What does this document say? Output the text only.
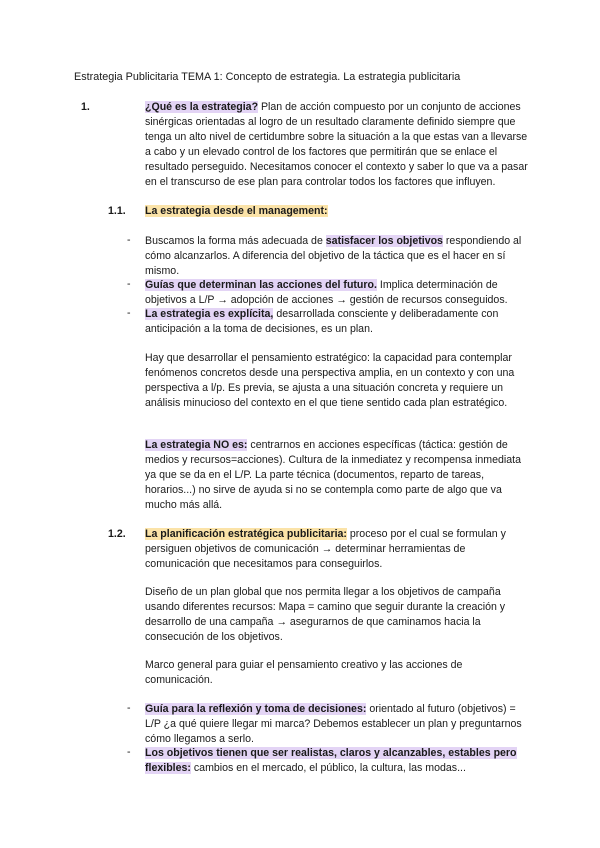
Estrategia Publicitaria TEMA 1: Concepto de estrategia. La estrategia publicitaria
1.	¿Qué es la estrategia? Plan de acción compuesto por un conjunto de acciones sinérgicas orientadas al logro de un resultado claramente definido siempre que tenga un alto nivel de certidumbre sobre la situación a la que estas van a llevarse a cabo y un elevado control de los factores que permitirán que se enlace el resultado perseguido. Necesitamos conocer el contexto y saber lo que va a pasar en el transcurso de ese plan para controlar todos los factores que influyen.
1.1. La estrategia desde el management:
- Buscamos la forma más adecuada de satisfacer los objetivos respondiendo al cómo alcanzarlos. A diferencia del objetivo de la táctica que es el hacer en sí mismo.
- Guías que determinan las acciones del futuro. Implica determinación de objetivos a L/P → adopción de acciones → gestión de recursos conseguidos.
- La estrategia es explícita, desarrollada consciente y deliberadamente con anticipación a la toma de decisiones, es un plan.
Hay que desarrollar el pensamiento estratégico: la capacidad para contemplar fenómenos concretos desde una perspectiva amplia, en un contexto y con una perspectiva a l/p. Es previa, se ajusta a una situación concreta y requiere un análisis minucioso del contexto en el que tiene sentido cada plan estratégico.
La estrategia NO es: centrarnos en acciones específicas (táctica: gestión de medios y recursos=acciones). Cultura de la inmediatez y recompensa inmediata ya que se da en el L/P. La parte técnica (documentos, reparto de tareas, horarios...) no sirve de ayuda si no se contempla como parte de algo que va mucho más allá.
1.2. La planificación estratégica publicitaria: proceso por el cual se formulan y persiguen objetivos de comunicación → determinar herramientas de comunicación que necesitamos para conseguirlos.
Diseño de un plan global que nos permita llegar a los objetivos de campaña usando diferentes recursos: Mapa = camino que seguir durante la creación y desarrollo de una campaña → asegurarnos de que caminamos hacia la consecución de los objetivos.
Marco general para guiar el pensamiento creativo y las acciones de comunicación.
- Guía para la reflexión y toma de decisiones: orientado al futuro (objetivos) = L/P ¿a qué quiere llegar mi marca? Debemos establecer un plan y preguntarnos cómo llegamos a serlo.
- Los objetivos tienen que ser realistas, claros y alcanzables, estables pero flexibles: cambios en el mercado, el público, la cultura, las modas...
